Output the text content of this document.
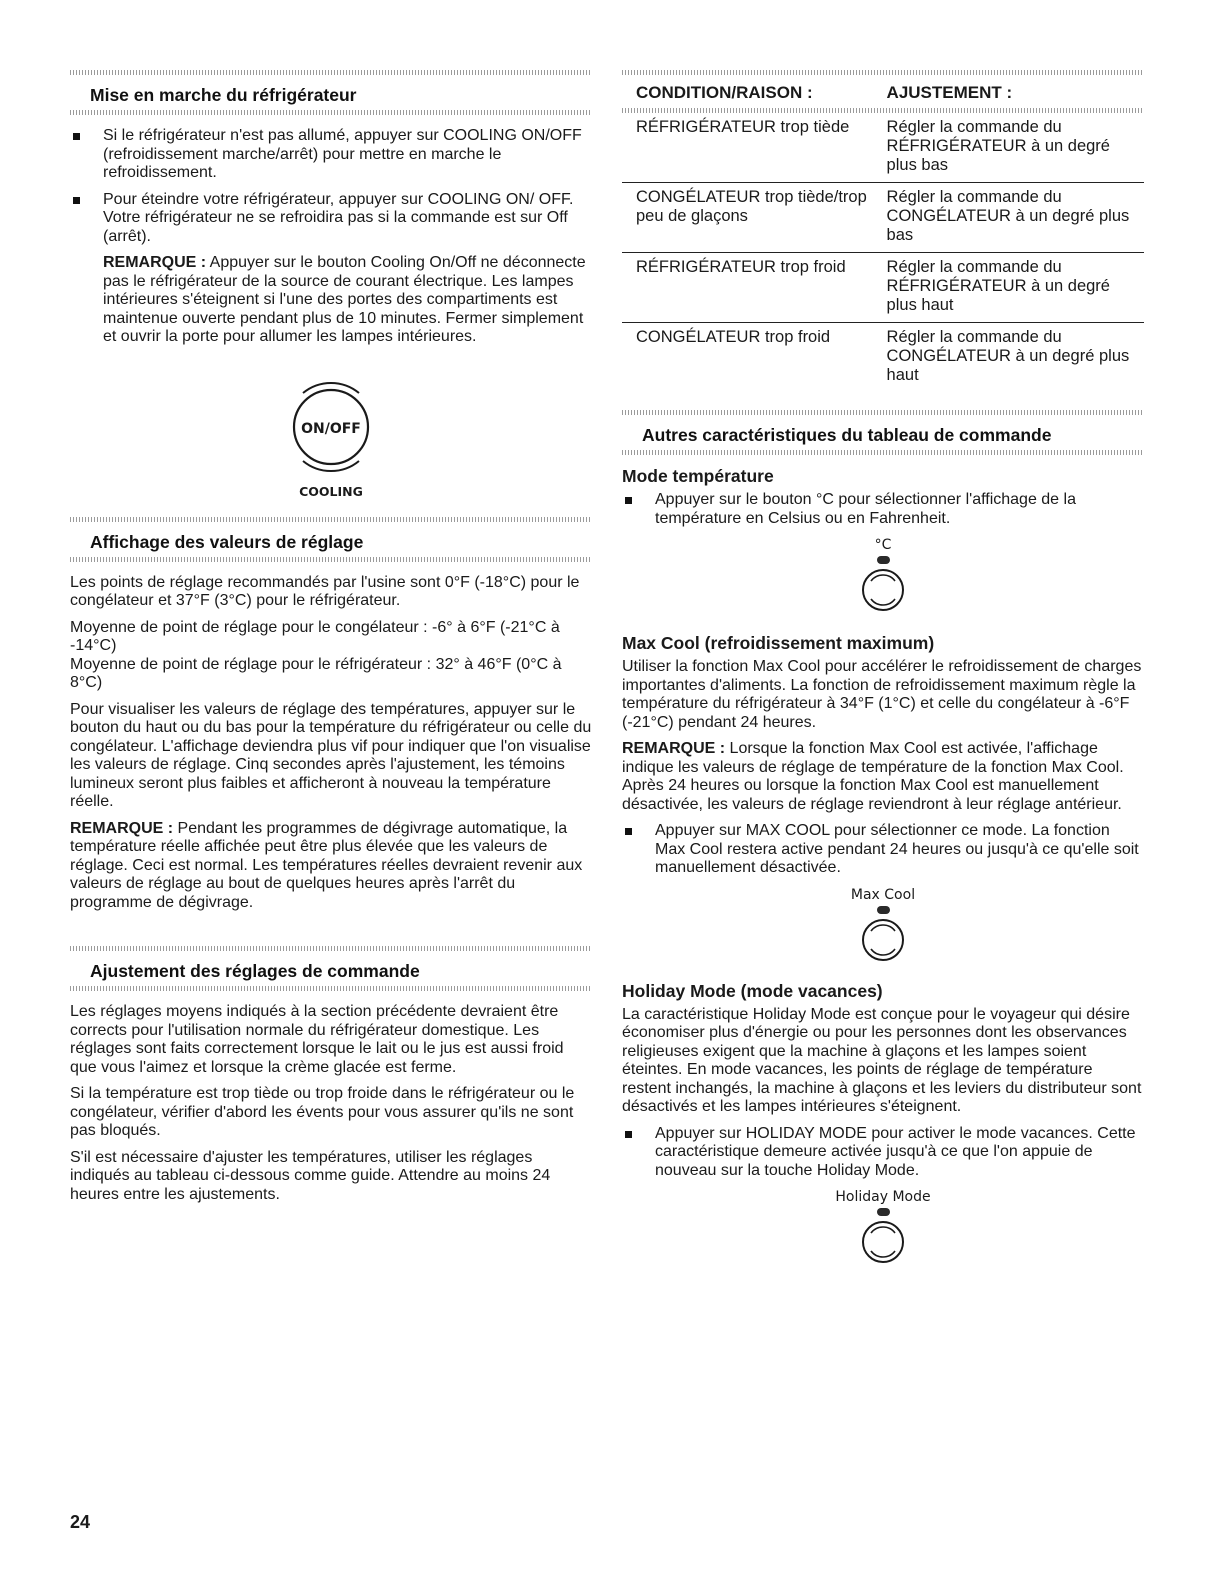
Mise en marche du réfrigérateur
Si le réfrigérateur n'est pas allumé, appuyer sur COOLING ON/OFF (refroidissement marche/arrêt) pour mettre en marche le refroidissement.
Pour éteindre votre réfrigérateur, appuyer sur COOLING ON/ OFF. Votre réfrigérateur ne se refroidira pas si la commande est sur Off (arrêt).

REMARQUE : Appuyer sur le bouton Cooling On/Off ne déconnecte pas le réfrigérateur de la source de courant électrique. Les lampes intérieures s'éteignent si l'une des portes des compartiments est maintenue ouverte pendant plus de 10 minutes. Fermer simplement et ouvrir la porte pour allumer les lampes intérieures.

ON/OFF
COOLING
Affichage des valeurs de réglage

Les points de réglage recommandés par l'usine sont 0°F (-18°C) pour le congélateur et 37°F (3°C) pour le réfrigérateur.

Moyenne de point de réglage pour le congélateur : -6° à 6°F (-21°C à -14°C)

Moyenne de point de réglage pour le réfrigérateur : 32° à 46°F (0°C à 8°C)

Pour visualiser les valeurs de réglage des températures, appuyer sur le bouton du haut ou du bas pour la température du réfrigérateur ou celle du congélateur. L'affichage deviendra plus vif pour indiquer que l'on visualise les valeurs de réglage. Cinq secondes après l'ajustement, les témoins lumineux seront plus faibles et afficheront à nouveau la température réelle.

REMARQUE : Pendant les programmes de dégivrage automatique, la température réelle affichée peut être plus élevée que les valeurs de réglage. Ceci est normal. Les températures réelles devraient revenir aux valeurs de réglage au bout de quelques heures après l'arrêt du programme de dégivrage.

Ajustement des réglages de commande

Les réglages moyens indiqués à la section précédente devraient être corrects pour l'utilisation normale du réfrigérateur domestique. Les réglages sont faits correctement lorsque le lait ou le jus est aussi froid que vous l'aimez et lorsque la crème glacée est ferme.

Si la température est trop tiède ou trop froide dans le réfrigérateur ou le congélateur, vérifier d'abord les évents pour vous assurer qu'ils ne sont pas bloqués.

S'il est nécessaire d'ajuster les températures, utiliser les réglages indiqués au tableau ci-dessous comme guide. Attendre au moins 24 heures entre les ajustements.

CONDITION/RAISON :	AJUSTEMENT :

RÉFRIGÉRATEUR trop tiède	Régler la commande du RÉFRIGÉRATEUR à un degré plus bas
CONGÉLATEUR trop tiède/trop peu de glaçons	Régler la commande du CONGÉLATEUR à un degré plus bas
RÉFRIGÉRATEUR trop froid	Régler la commande du RÉFRIGÉRATEUR à un degré plus haut
CONGÉLATEUR trop froid	Régler la commande du CONGÉLATEUR à un degré plus haut
Autres caractéristiques du tableau de commande
Mode température
Appuyer sur le bouton °C pour sélectionner l'affichage de la température en Celsius ou en Fahrenheit.
°C
Max Cool (refroidissement maximum)

Utiliser la fonction Max Cool pour accélérer le refroidissement de charges importantes d'aliments. La fonction de refroidissement maximum règle la température du réfrigérateur à 34°F (1°C) et celle du congélateur à -6°F (-21°C) pendant 24 heures.

REMARQUE : Lorsque la fonction Max Cool est activée, l'affichage indique les valeurs de réglage de température de la fonction Max Cool. Après 24 heures ou lorsque la fonction Max Cool est manuellement désactivée, les valeurs de réglage reviendront à leur réglage antérieur.

Appuyer sur MAX COOL pour sélectionner ce mode. La fonction Max Cool restera active pendant 24 heures ou jusqu'à ce qu'elle soit manuellement désactivée.
Max Cool
Holiday Mode (mode vacances)

La caractéristique Holiday Mode est conçue pour le voyageur qui désire économiser plus d'énergie ou pour les personnes dont les observances religieuses exigent que la machine à glaçons et les lampes soient éteintes. En mode vacances, les points de réglage de température restent inchangés, la machine à glaçons et les leviers du distributeur sont désactivés et les lampes intérieures s'éteignent.

Appuyer sur HOLIDAY MODE pour activer le mode vacances. Cette caractéristique demeure activée jusqu'à ce que l'on appuie de nouveau sur la touche Holiday Mode.
Holiday Mode
24
